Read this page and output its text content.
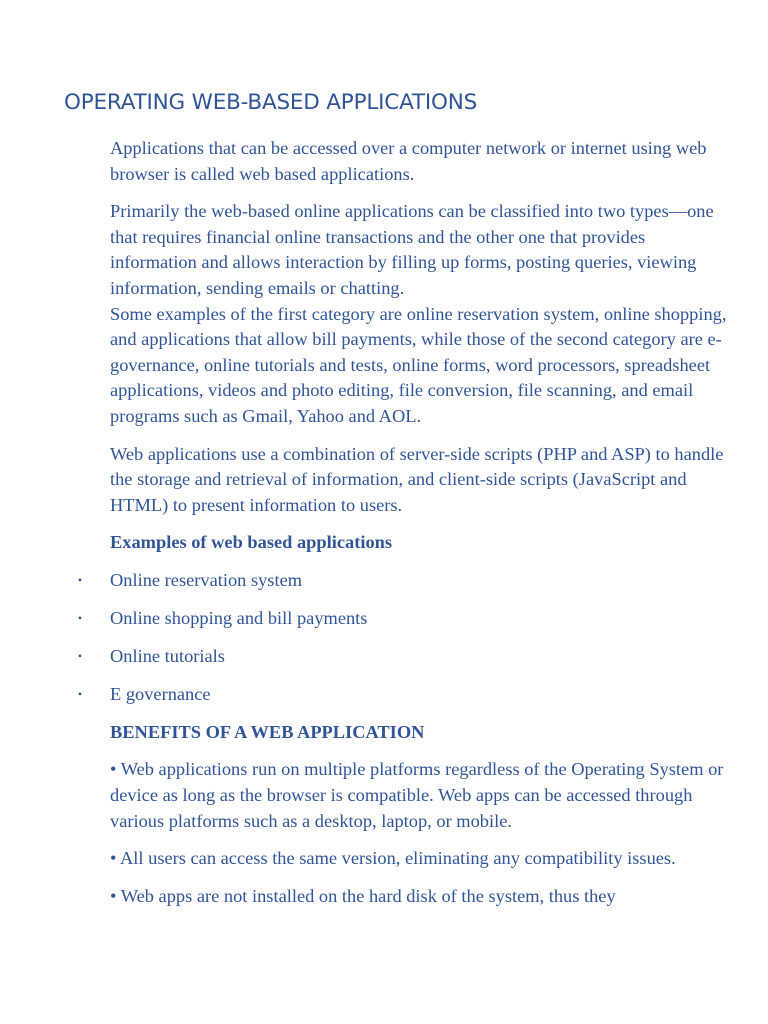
OPERATING WEB-BASED APPLICATIONS

Applications that can be accessed over a computer network or internet using web browser is called web based applications.

Primarily the web-based online applications can be classified into two types—one that requires financial online transactions and the other one that provides information and allows interaction by filling up forms, posting queries, viewing information, sending emails or chatting.

Some examples of the first category are online reservation system, online shopping, and applications that allow bill payments, while those of the second category are e-governance, online tutorials and tests, online forms, word processors, spreadsheet applications, videos and photo editing, file conversion, file scanning, and email programs such as Gmail, Yahoo and AOL.

Web applications use a combination of server-side scripts (PHP and ASP) to handle the storage and retrieval of information, and client-side scripts (JavaScript and HTML) to present information to users.

Examples of web based applications

• Online reservation system
• Online shopping and bill payments
• Online tutorials
• E governance

BENEFITS OF A WEB APPLICATION

• Web applications run on multiple platforms regardless of the Operating System or device as long as the browser is compatible. Web apps can be accessed through various platforms such as a desktop, laptop, or mobile.

• All users can access the same version, eliminating any compatibility issues.

• Web apps are not installed on the hard disk of the system, thus they
